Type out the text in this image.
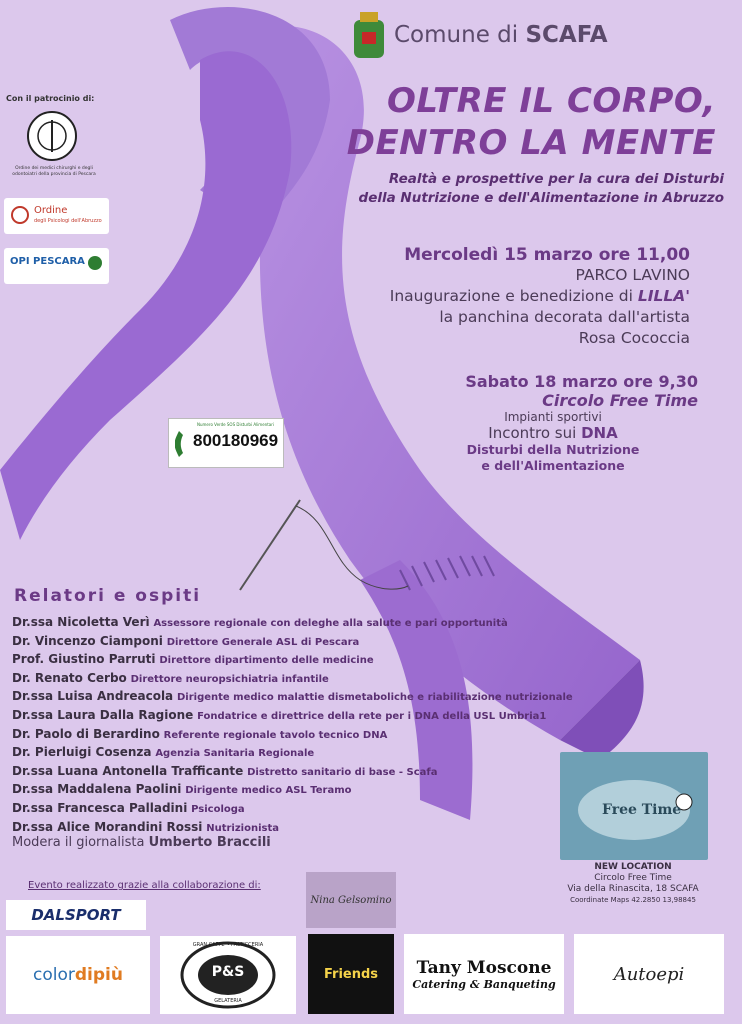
Comune di SCAFA
OLTRE IL CORPO,
DENTRO LA MENTE
Realtà e prospettive per la cura dei Disturbi
della Nutrizione e dell'Alimentazione in Abruzzo
Mercoledì 15 marzo ore 11,00
PARCO LAVINO
Inaugurazione e benedizione di LILLA'
la panchina decorata dall'artista
Rosa Cococcia
Sabato 18 marzo ore 9,30
Circolo Free Time
Impianti sportivi
Incontro sui DNA
Disturbi della Nutrizione
e dell'Alimentazione
Con il patrocinio di:
Ordine dei medici chirurghi e degli odontoiatri della provincia di Pescara
Ordine
degli Psicologi dell'Abruzzo
OPI PESCARA
Numero Verde SOS Disturbi Alimentari
800180969
Relatori e ospiti
Dr.ssa Nicoletta Verì Assessore regionale con deleghe alla salute e pari opportunità
Dr. Vincenzo Ciamponi Direttore Generale ASL di Pescara
Prof. Giustino Parruti Direttore dipartimento delle medicine
Dr. Renato Cerbo Direttore neuropsichiatria infantile
Dr.ssa Luisa Andreacola Dirigente medico malattie dismetaboliche e riabilitazione nutrizionale
Dr.ssa Laura Dalla Ragione Fondatrice e direttrice della rete per i DNA della USL Umbria1
Dr. Paolo di Berardino Referente regionale tavolo tecnico DNA
Dr. Pierluigi Cosenza Agenzia Sanitaria Regionale
Dr.ssa Luana Antonella Trafficante Distretto sanitario di base - Scafa
Dr.ssa Maddalena Paolini Dirigente medico ASL Teramo
Dr.ssa Francesca Palladini Psicologa
Dr.ssa Alice Morandini Rossi Nutrizionista
Modera il giornalista Umberto Braccili
Free Time
NEW LOCATION
Circolo Free Time
Via della Rinascita, 18 SCAFA
Coordinate Maps 42.2850 13,98845
Evento realizzato grazie alla collaborazione di:
DALSPORT
Nina Gelsomino
color dipiù	P&S
GRAN CAFFE' - PASTICCERIA
GELATERIA
Friends Tany Moscone
Catering & Banqueting	Autoepi
